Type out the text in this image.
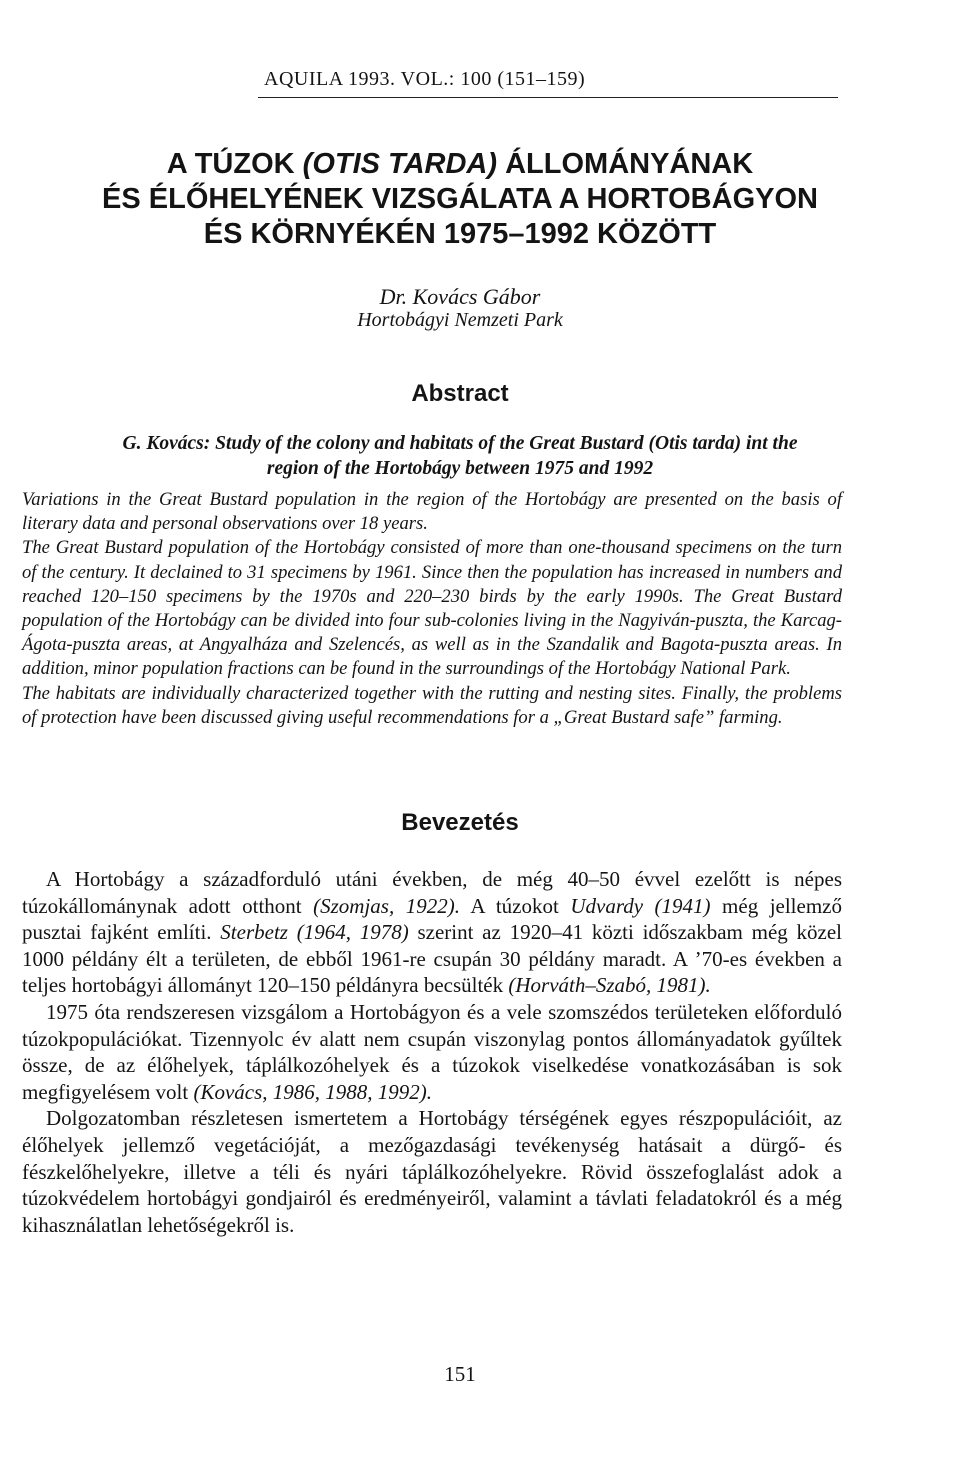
AQUILA 1993. VOL.: 100 (151–159)
A TÚZOK (OTIS TARDA) ÁLLOMÁNYÁNAK
ÉS ÉLŐHELYÉNEK VIZSGÁLATA A HORTOBÁGYON
ÉS KÖRNYÉKÉN 1975–1992 KÖZÖTT
Dr. Kovács Gábor
Hortobágyi Nemzeti Park
Abstract
G. Kovács: Study of the colony and habitats of the Great Bustard (Otis tarda) int the
region of the Hortobágy between 1975 and 1992

Variations in the Great Bustard population in the region of the Hortobágy are presented on the basis of literary data and personal observations over 18 years.

The Great Bustard population of the Hortobágy consisted of more than one-thousand specimens on the turn of the century. It declained to 31 specimens by 1961. Since then the population has increased in numbers and reached 120–150 specimens by the 1970s and 220–230 birds by the early 1990s. The Great Bustard population of the Hortobágy can be divided into four sub-colonies living in the Nagyiván-puszta, the Karcag-Ágota-puszta areas, at Angyalháza and Szelencés, as well as in the Szandalik and Bagota-puszta areas. In addition, minor population fractions can be found in the surroundings of the Hortobágy National Park.

The habitats are individually characterized together with the rutting and nesting sites. Finally, the problems of protection have been discussed giving useful recommendations for a „Great Bustard safe” farming.

Bevezetés

A Hortobágy a századforduló utáni években, de még 40–50 évvel ezelőtt is népes túzokállománynak adott otthont (Szomjas, 1922). A túzokot Udvardy (1941) még jellemző pusztai fajként említi. Sterbetz (1964, 1978) szerint az 1920–41 közti időszakbam még közel 1000 példány élt a területen, de ebből 1961-re csupán 30 példány maradt. A ’70-es években a teljes hortobágyi állományt 120–150 példányra becsülték (Horváth–Szabó, 1981).

1975 óta rendszeresen vizsgálom a Hortobágyon és a vele szomszédos területeken előforduló túzokpopulációkat. Tizennyolc év alatt nem csupán viszonylag pontos állományadatok gyűltek össze, de az élőhelyek, táplálkozóhelyek és a túzokok viselkedése vonatkozásában is sok megfigyelésem volt (Kovács, 1986, 1988, 1992).

Dolgozatomban részletesen ismertetem a Hortobágy térségének egyes részpopulációit, az élőhelyek jellemző vegetációját, a mezőgazdasági tevékenység hatásait a dürgő- és fészkelőhelyekre, illetve a téli és nyári táplálkozóhelyekre. Rövid összefoglalást adok a túzokvédelem hortobágyi gondjairól és eredményeiről, valamint a távlati feladatokról és a még kihasználatlan lehetőségekről is.

151
